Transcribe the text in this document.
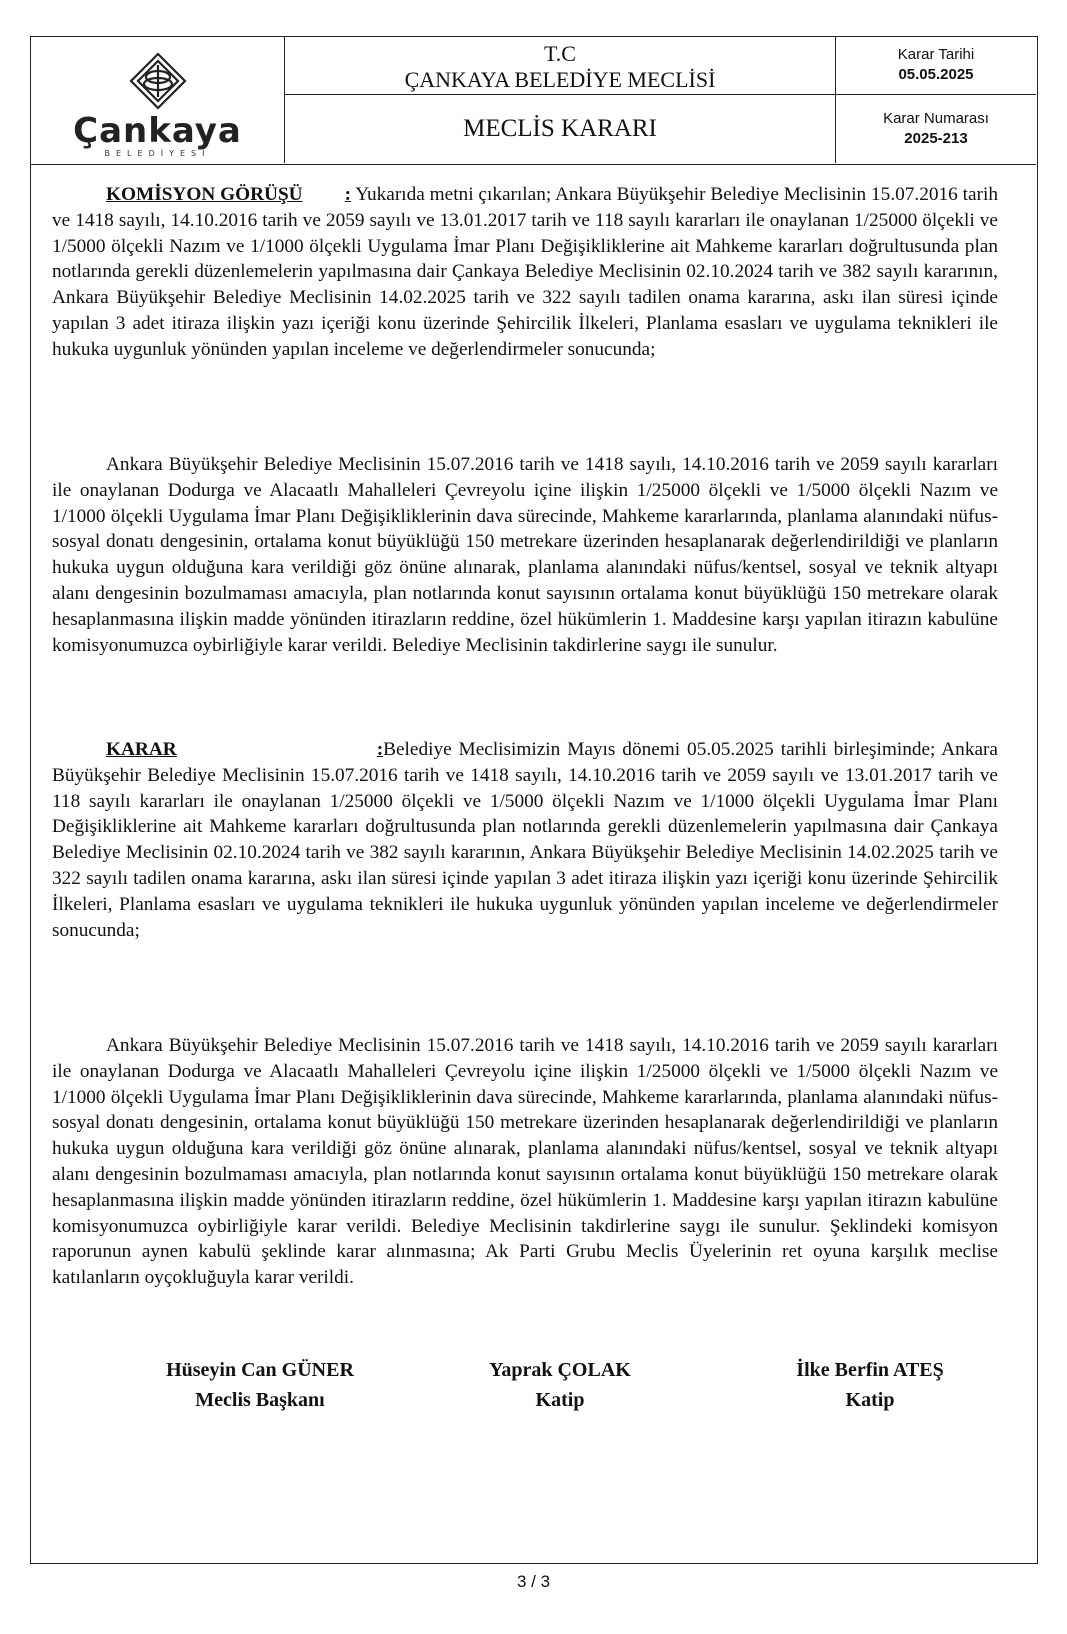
Çankaya
BELEDİYESİ
T.C
ÇANKAYA BELEDİYE MECLİSİ
MECLİS KARARI
Karar Tarihi
05.05.2025
Karar Numarası
2025-213

KOMİSYON GÖRÜŞÜ : Yukarıda metni çıkarılan; Ankara Büyükşehir Belediye Meclisinin 15.07.2016 tarih ve 1418 sayılı, 14.10.2016 tarih ve 2059 sayılı ve 13.01.2017 tarih ve 118 sayılı kararları ile onaylanan 1/25000 ölçekli ve 1/5000 ölçekli Nazım ve 1/1000 ölçekli Uygulama İmar Planı Değişikliklerine ait Mahkeme kararları doğrultusunda plan notlarında gerekli düzenlemelerin yapılmasına dair Çankaya Belediye Meclisinin 02.10.2024 tarih ve 382 sayılı kararının, Ankara Büyükşehir Belediye Meclisinin 14.02.2025 tarih ve 322 sayılı tadilen onama kararına, askı ilan süresi içinde yapılan 3 adet itiraza ilişkin yazı içeriği konu üzerinde Şehircilik İlkeleri, Planlama esasları ve uygulama teknikleri ile hukuka uygunluk yönünden yapılan inceleme ve değerlendirmeler sonucunda;

Ankara Büyükşehir Belediye Meclisinin 15.07.2016 tarih ve 1418 sayılı, 14.10.2016 tarih ve 2059 sayılı kararları ile onaylanan Dodurga ve Alacaatlı Mahalleleri Çevreyolu içine ilişkin 1/25000 ölçekli ve 1/5000 ölçekli Nazım ve 1/1000 ölçekli Uygulama İmar Planı Değişikliklerinin dava sürecinde, Mahkeme kararlarında, planlama alanındaki nüfus-sosyal donatı dengesinin, ortalama konut büyüklüğü 150 metrekare üzerinden hesaplanarak değerlendirildiği ve planların hukuka uygun olduğuna kara verildiği göz önüne alınarak, planlama alanındaki nüfus/kentsel, sosyal ve teknik altyapı alanı dengesinin bozulmaması amacıyla, plan notlarında konut sayısının ortalama konut büyüklüğü 150 metrekare olarak hesaplanmasına ilişkin madde yönünden itirazların reddine, özel hükümlerin 1. Maddesine karşı yapılan itirazın kabulüne komisyonumuzca oybirliğiyle karar verildi. Belediye Meclisinin takdirlerine saygı ile sunulur.

KARAR	:Belediye Meclisimizin Mayıs dönemi 05.05.2025 tarihli birleşiminde; Ankara Büyükşehir Belediye Meclisinin 15.07.2016 tarih ve 1418 sayılı, 14.10.2016 tarih ve 2059 sayılı ve 13.01.2017 tarih ve 118 sayılı kararları ile onaylanan 1/25000 ölçekli ve 1/5000 ölçekli Nazım ve 1/1000 ölçekli Uygulama İmar Planı Değişikliklerine ait Mahkeme kararları doğrultusunda plan notlarında gerekli düzenlemelerin yapılmasına dair Çankaya Belediye Meclisinin 02.10.2024 tarih ve 382 sayılı kararının, Ankara Büyükşehir Belediye Meclisinin 14.02.2025 tarih ve 322 sayılı tadilen onama kararına, askı ilan süresi içinde yapılan 3 adet itiraza ilişkin yazı içeriği konu üzerinde Şehircilik İlkeleri, Planlama esasları ve uygulama teknikleri ile hukuka uygunluk yönünden yapılan inceleme ve değerlendirmeler sonucunda;

Ankara Büyükşehir Belediye Meclisinin 15.07.2016 tarih ve 1418 sayılı, 14.10.2016 tarih ve 2059 sayılı kararları ile onaylanan Dodurga ve Alacaatlı Mahalleleri Çevreyolu içine ilişkin 1/25000 ölçekli ve 1/5000 ölçekli Nazım ve 1/1000 ölçekli Uygulama İmar Planı Değişikliklerinin dava sürecinde, Mahkeme kararlarında, planlama alanındaki nüfus-sosyal donatı dengesinin, ortalama konut büyüklüğü 150 metrekare üzerinden hesaplanarak değerlendirildiği ve planların hukuka uygun olduğuna kara verildiği göz önüne alınarak, planlama alanındaki nüfus/kentsel, sosyal ve teknik altyapı alanı dengesinin bozulmaması amacıyla, plan notlarında konut sayısının ortalama konut büyüklüğü 150 metrekare olarak hesaplanmasına ilişkin madde yönünden itirazların reddine, özel hükümlerin 1. Maddesine karşı yapılan itirazın kabulüne komisyonumuzca oybirliğiyle karar verildi. Belediye Meclisinin takdirlerine saygı ile sunulur. Şeklindeki komisyon raporunun aynen kabulü şeklinde karar alınmasına; Ak Parti Grubu Meclis Üyelerinin ret oyuna karşılık meclise katılanların oyçokluğuyla karar verildi.

Hüseyin Can GÜNER
Meclis Başkanı
Yaprak ÇOLAK
Katip
İlke Berfin ATEŞ
Katip
3 / 3
